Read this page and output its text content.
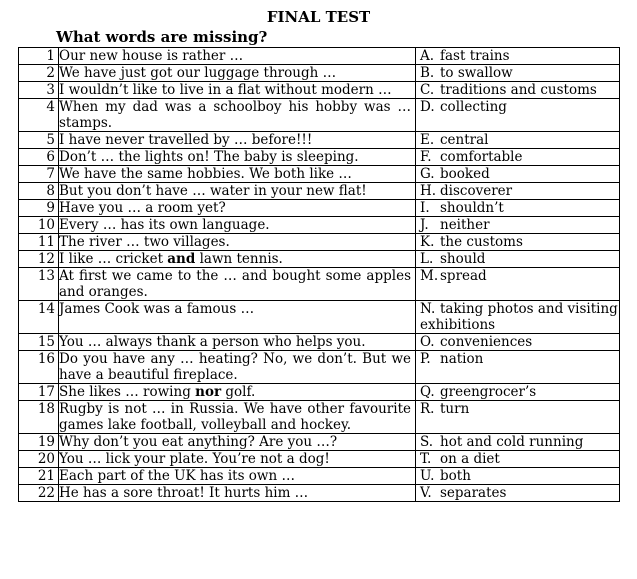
FINAL TEST
What words are missing?
1	Our new house is rather …	A. fast trains
2	We have just got our luggage through …	B. to swallow
3	I wouldn’t like to live in a flat without modern …	C. traditions and customs
4	When my dad was a schoolboy his hobby was … stamps.	D. collecting
5	I have never travelled by … before!!!	E. central
6	Don’t … the lights on! The baby is sleeping.	F. comfortable
7	We have the same hobbies. We both like …	G. booked
8	But you don’t have … water in your new flat!	H. discoverer
9	Have you … a room yet?	I. shouldn’t
10	Every … has its own language.	J. neither
11	The river … two villages.	K. the customs
12	I like … cricket and lawn tennis.	L. should
13	At first we came to the … and bought some apples and oranges.	M. spread
14	James Cook was a famous …	N. taking photos and visiting exhibitions
15	You … always thank a person who helps you.	O. conveniences
16	Do you have any … heating? No, we don’t. But we have a beautiful fireplace.	P. nation
17	She likes … rowing nor golf.	Q. greengrocer’s
18	Rugby is not … in Russia. We have other favourite games lake football, volleyball and hockey.	R. turn
19	Why don’t you eat anything? Are you …?	S. hot and cold running
20	You … lick your plate. You’re not a dog!	T. on a diet
21	Each part of the UK has its own …	U. both
22	He has a sore throat! It hurts him …	V. separates
